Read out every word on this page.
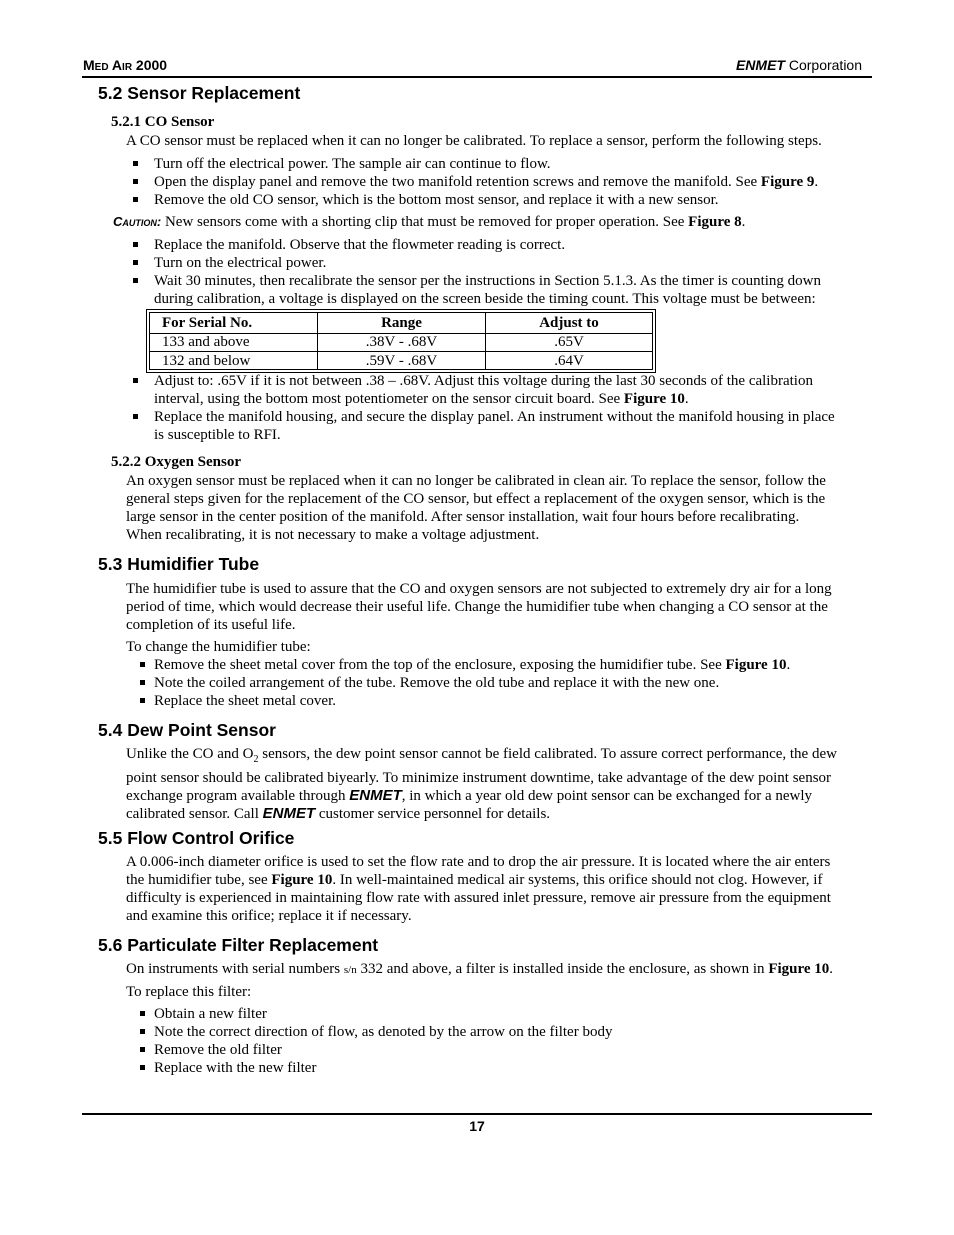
Med Air 2000	ENMET Corporation
5.2 Sensor Replacement
5.2.1 CO Sensor
A CO sensor must be replaced when it can no longer be calibrated. To replace a sensor, perform the following steps.
Turn off the electrical power. The sample air can continue to flow.
Open the display panel and remove the two manifold retention screws and remove the manifold. See Figure 9.
Remove the old CO sensor, which is the bottom most sensor, and replace it with a new sensor.
Caution: New sensors come with a shorting clip that must be removed for proper operation. See Figure 8.
Replace the manifold. Observe that the flowmeter reading is correct.
Turn on the electrical power.
Wait 30 minutes, then recalibrate the sensor per the instructions in Section 5.1.3. As the timer is counting down
during calibration, a voltage is displayed on the screen beside the timing count. This voltage must be between:
For Serial No.	Range	Adjust to
133 and above	.38V - .68V	.65V
132 and below	.59V - .68V	.64V
Adjust to: .65V if it is not between .38 – .68V. Adjust this voltage during the last 30 seconds of the calibration
interval, using the bottom most potentiometer on the sensor circuit board. See Figure 10.
Replace the manifold housing, and secure the display panel. An instrument without the manifold housing in place
is susceptible to RFI.
5.2.2 Oxygen Sensor
An oxygen sensor must be replaced when it can no longer be calibrated in clean air. To replace the sensor, follow the
general steps given for the replacement of the CO sensor, but effect a replacement of the oxygen sensor, which is the
large sensor in the center position of the manifold. After sensor installation, wait four hours before recalibrating.
When recalibrating, it is not necessary to make a voltage adjustment.
5.3 Humidifier Tube
The humidifier tube is used to assure that the CO and oxygen sensors are not subjected to extremely dry air for a long
period of time, which would decrease their useful life. Change the humidifier tube when changing a CO sensor at the
completion of its useful life.
To change the humidifier tube:
Remove the sheet metal cover from the top of the enclosure, exposing the humidifier tube. See Figure 10.
Note the coiled arrangement of the tube. Remove the old tube and replace it with the new one.
Replace the sheet metal cover.
5.4 Dew Point Sensor
Unlike the CO and $O_2$ sensors, the dew point sensor cannot be field calibrated. To assure correct performance, the dew
point sensor should be calibrated biyearly. To minimize instrument downtime, take advantage of the dew point sensor
exchange program available through ENMET, in which a year old dew point sensor can be exchanged for a newly
calibrated sensor. Call ENMET customer service personnel for details.
5.5 Flow Control Orifice
A 0.006-inch diameter orifice is used to set the flow rate and to drop the air pressure. It is located where the air enters
the humidifier tube, see Figure 10. In well-maintained medical air systems, this orifice should not clog. However, if
difficulty is experienced in maintaining flow rate with assured inlet pressure, remove air pressure from the equipment
and examine this orifice; replace it if necessary.
5.6 Particulate Filter Replacement
On instruments with serial numbers s/n 332 and above, a filter is installed inside the enclosure, as shown in Figure 10.
To replace this filter:
Obtain a new filter
Note the correct direction of flow, as denoted by the arrow on the filter body
Remove the old filter
Replace with the new filter
17
